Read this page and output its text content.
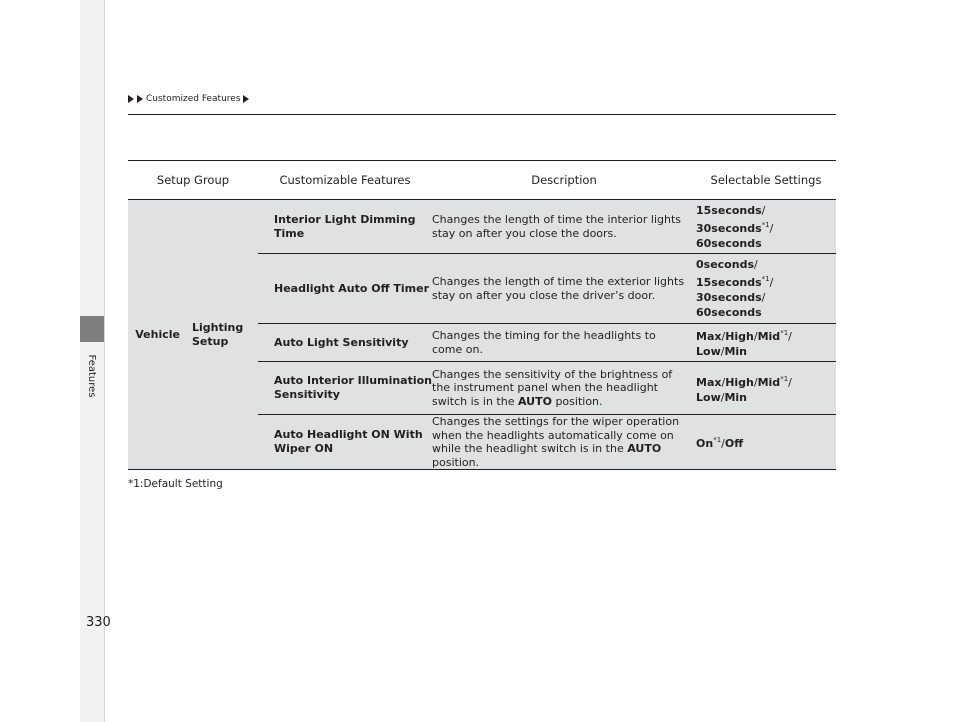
Features
Customized Features
Setup Group		Customizable Features	Description	Selectable Settings
Vehicle	Lighting Setup	Interior Light Dimming Time	Changes the length of time the interior lights stay on after you close the doors.	15seconds/
30seconds$^{*1}$/
60seconds
		Headlight Auto Off Timer	Changes the length of time the exterior lights stay on after you close the driver’s door.	0seconds/
15seconds$^{*1}$/
30seconds/
60seconds
		Auto Light Sensitivity	Changes the timing for the headlights to come on.	Max/High/Mid$^{*1}$/
Low/Min
		Auto Interior Illumination Sensitivity	Changes the sensitivity of the brightness of the instrument panel when the headlight switch is in the AUTO position.	Max/High/Mid$^{*1}$/
Low/Min
		Auto Headlight ON With Wiper ON	Changes the settings for the wiper operation when the headlights automatically come on while the headlight switch is in the AUTO position.	On$^{*1}$/Off
*1:Default Setting
330
